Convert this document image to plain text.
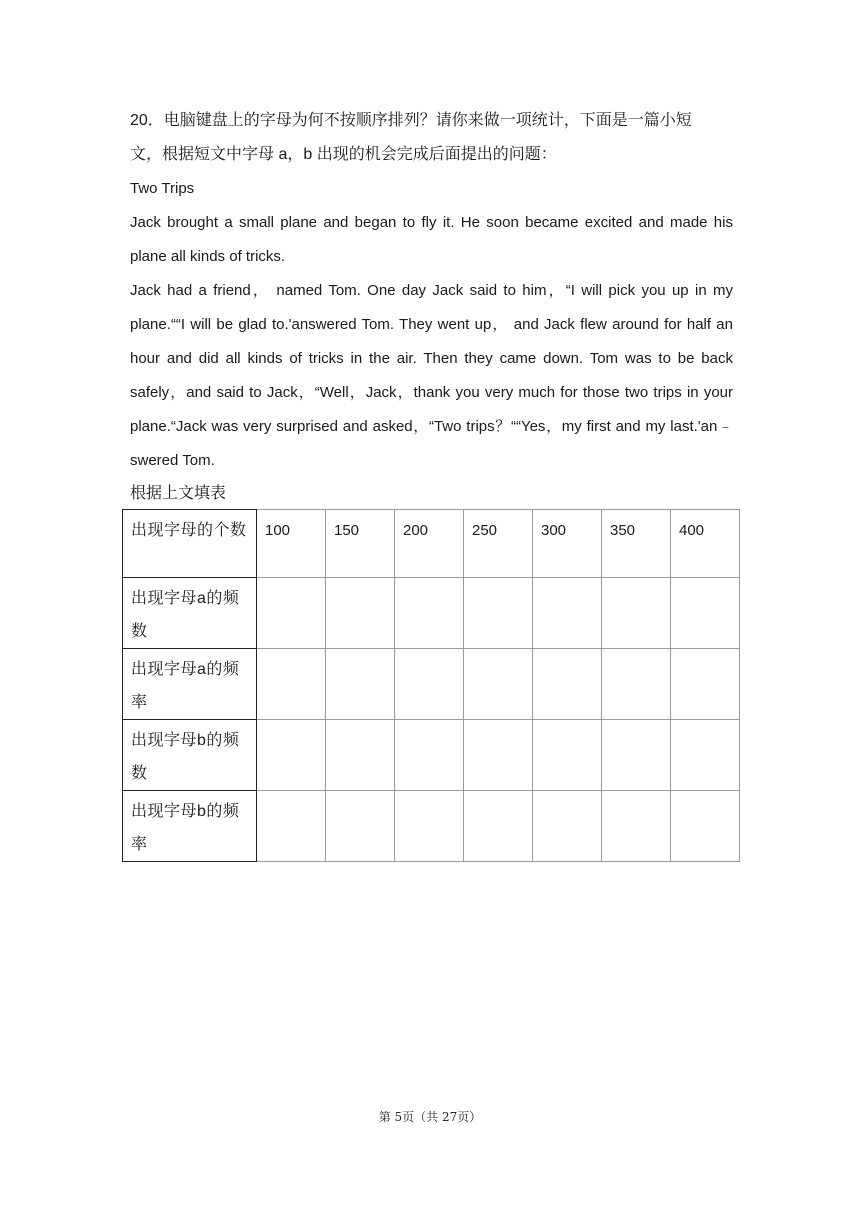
20．电脑键盘上的字母为何不按顺序排列？请你来做一项统计，下面是一篇小短

文，根据短文中字母 a，b 出现的机会完成后面提出的问题：

Two Trips

Jack brought a small plane and began to fly it. He soon became excited and made his plane all kinds of tricks.

Jack had a friend， named Tom. One day Jack said to him，“I will pick you up in my plane.““I will be glad to.'answered Tom. They went up， and Jack flew around for half an hour and did all kinds of tricks in the air. Then they came down. Tom was to be back safely，and said to Jack，“Well，Jack，thank you very much for those two trips in your plane.“Jack was very surprised and asked，“Two trips？““Yes，my first and my last.'an﹣swered Tom.

根据上文填表

出现字母的个数	100	150	200	250	300	350	400
出现字母a的频数							
出现字母a的频率							
出现字母b的频数							
出现字母b的频率							
第 5页（共 27页）
